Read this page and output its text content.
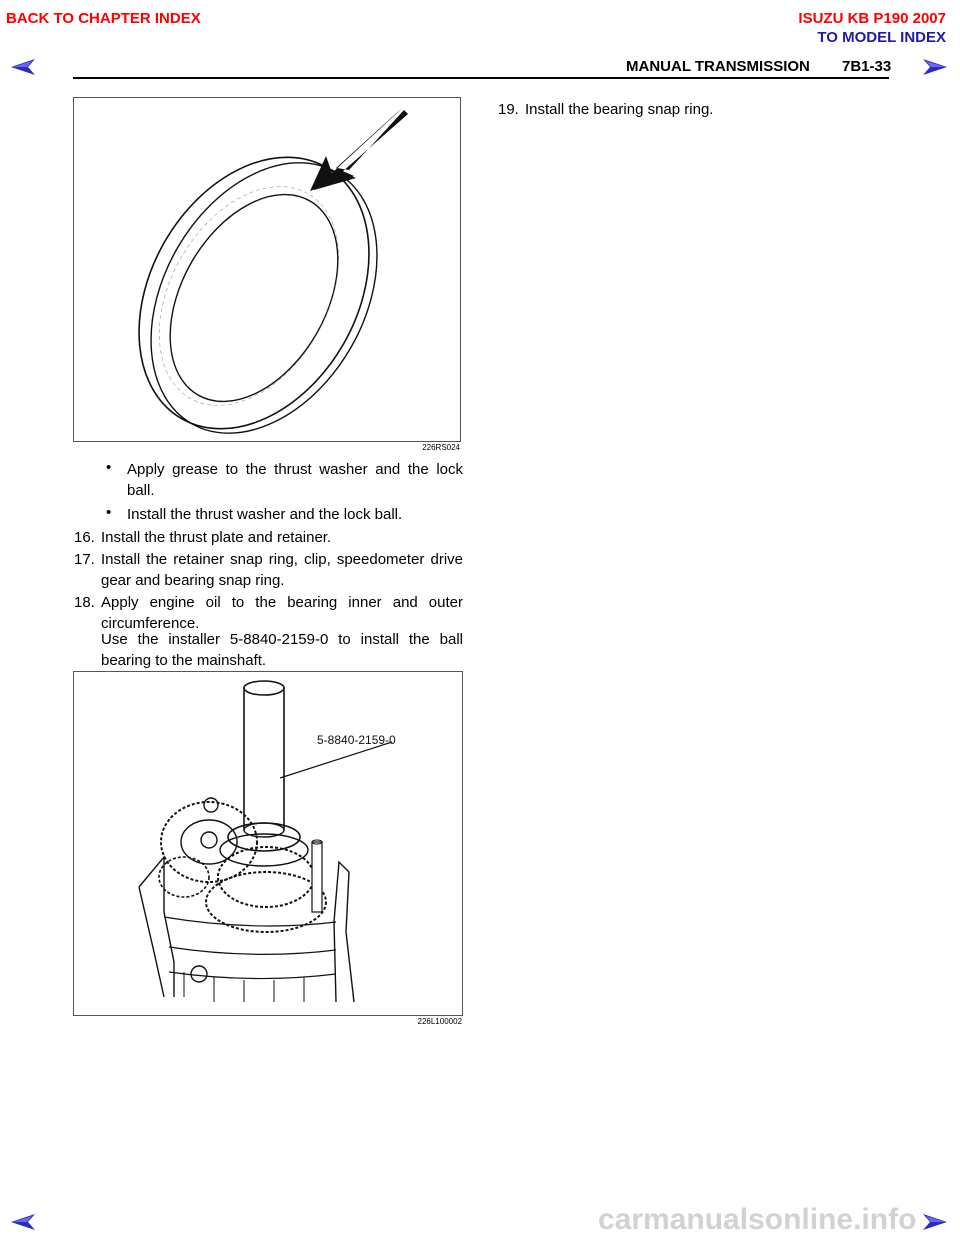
BACK TO CHAPTER INDEX	ISUZU KB P190 2007
TO MODEL INDEX
MANUAL TRANSMISSION 7B1-33
226RS024
• Apply grease to the thrust washer and the lock ball.
• Install the thrust washer and the lock ball.
16. Install the thrust plate and retainer.
17. Install the retainer snap ring, clip, speedometer drive gear and bearing snap ring.
18. Apply engine oil to the bearing inner and outer circumference.
Use the installer 5-8840-2159-0 to install the ball bearing to the mainshaft.
5-8840-2159-0
226L100002
19. Install the bearing snap ring.
carmanualsonline.info
